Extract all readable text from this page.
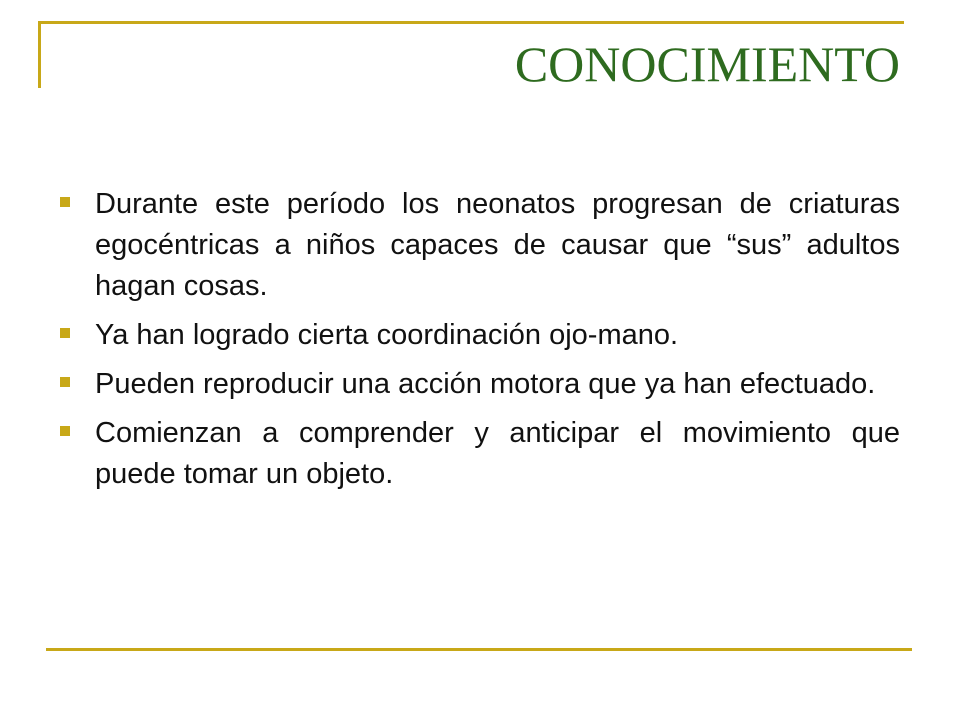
CONOCIMIENTO
Durante este período los neonatos progresan de criaturas egocéntricas a niños capaces de causar que “sus” adultos hagan cosas.
Ya han logrado cierta coordinación ojo-mano.
Pueden reproducir una acción motora que ya han efectuado.
Comienzan a comprender y anticipar el movimiento que puede tomar un objeto.
